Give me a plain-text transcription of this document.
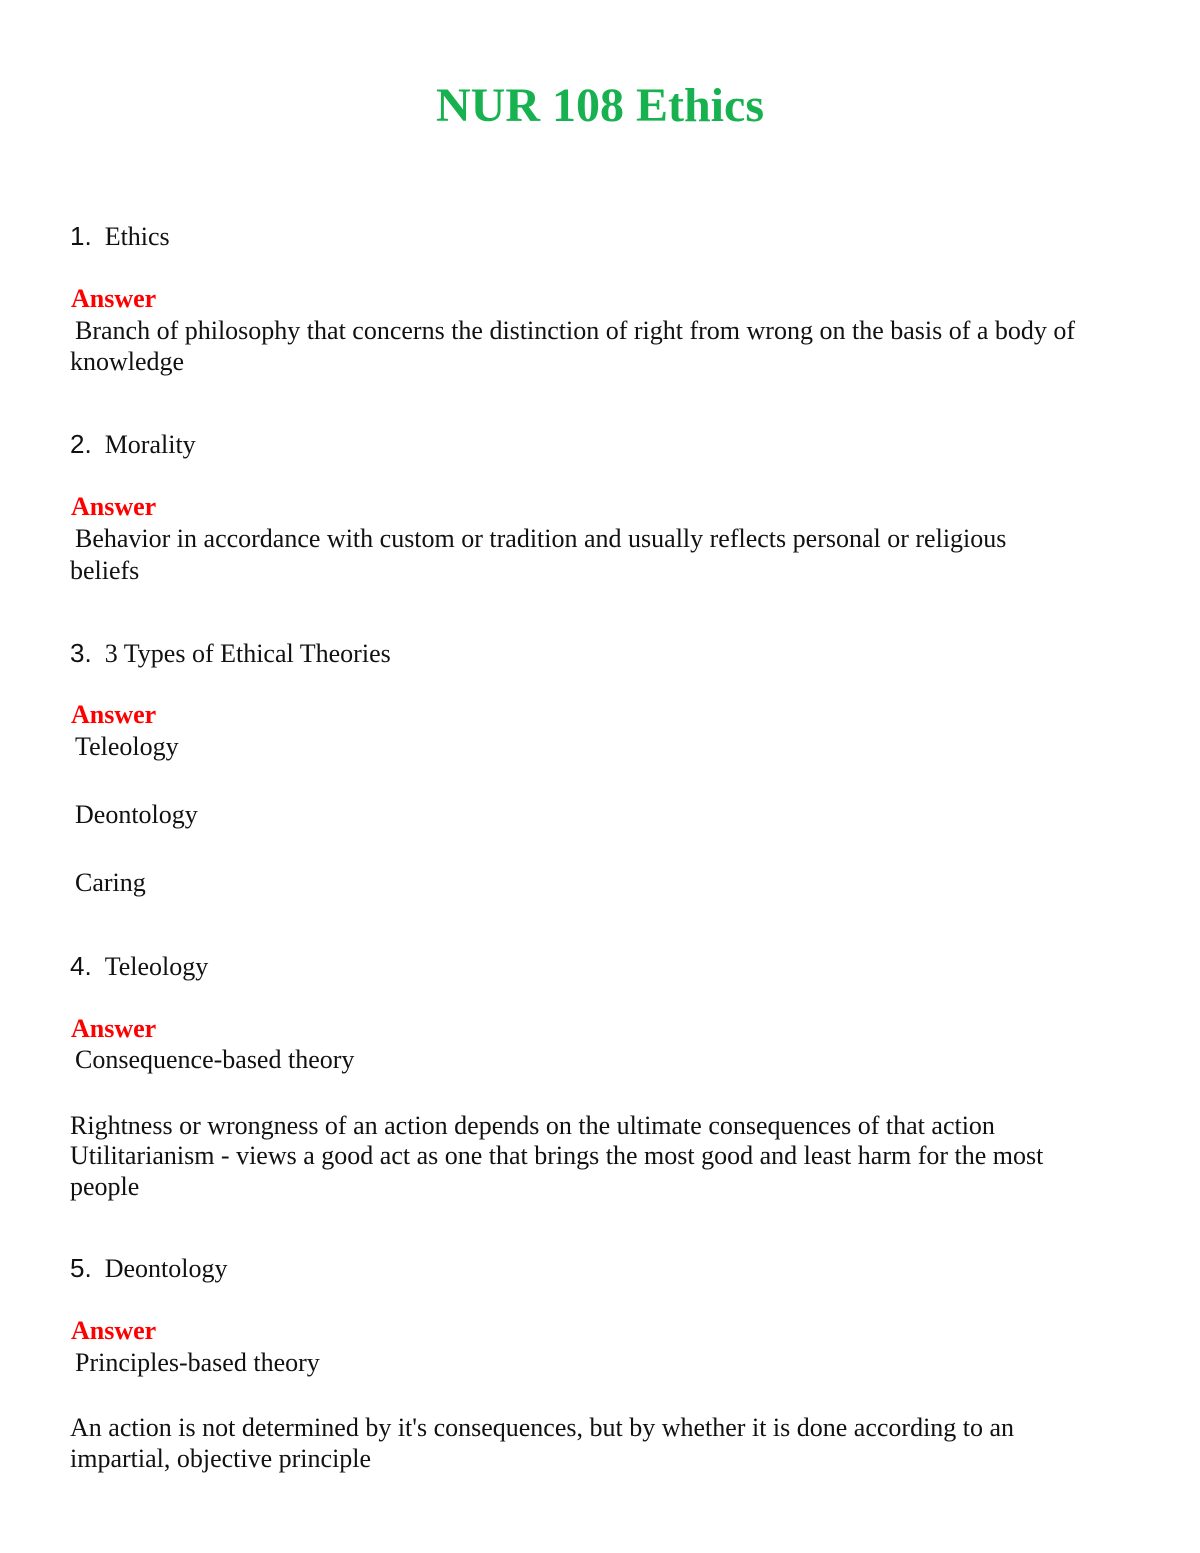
NUR 108 Ethics
1. Ethics
Answer
Branch of philosophy that concerns the distinction of right from wrong on the basis of a body of
knowledge
2. Morality
Answer
Behavior in accordance with custom or tradition and usually reflects personal or religious
beliefs
3. 3 Types of Ethical Theories
Answer
Teleology
Deontology
Caring
4. Teleology
Answer
Consequence-based theory
Rightness or wrongness of an action depends on the ultimate consequences of that action
Utilitarianism - views a good act as one that brings the most good and least harm for the most
people
5. Deontology
Answer
Principles-based theory
An action is not determined by it's consequences, but by whether it is done according to an
impartial, objective principle
